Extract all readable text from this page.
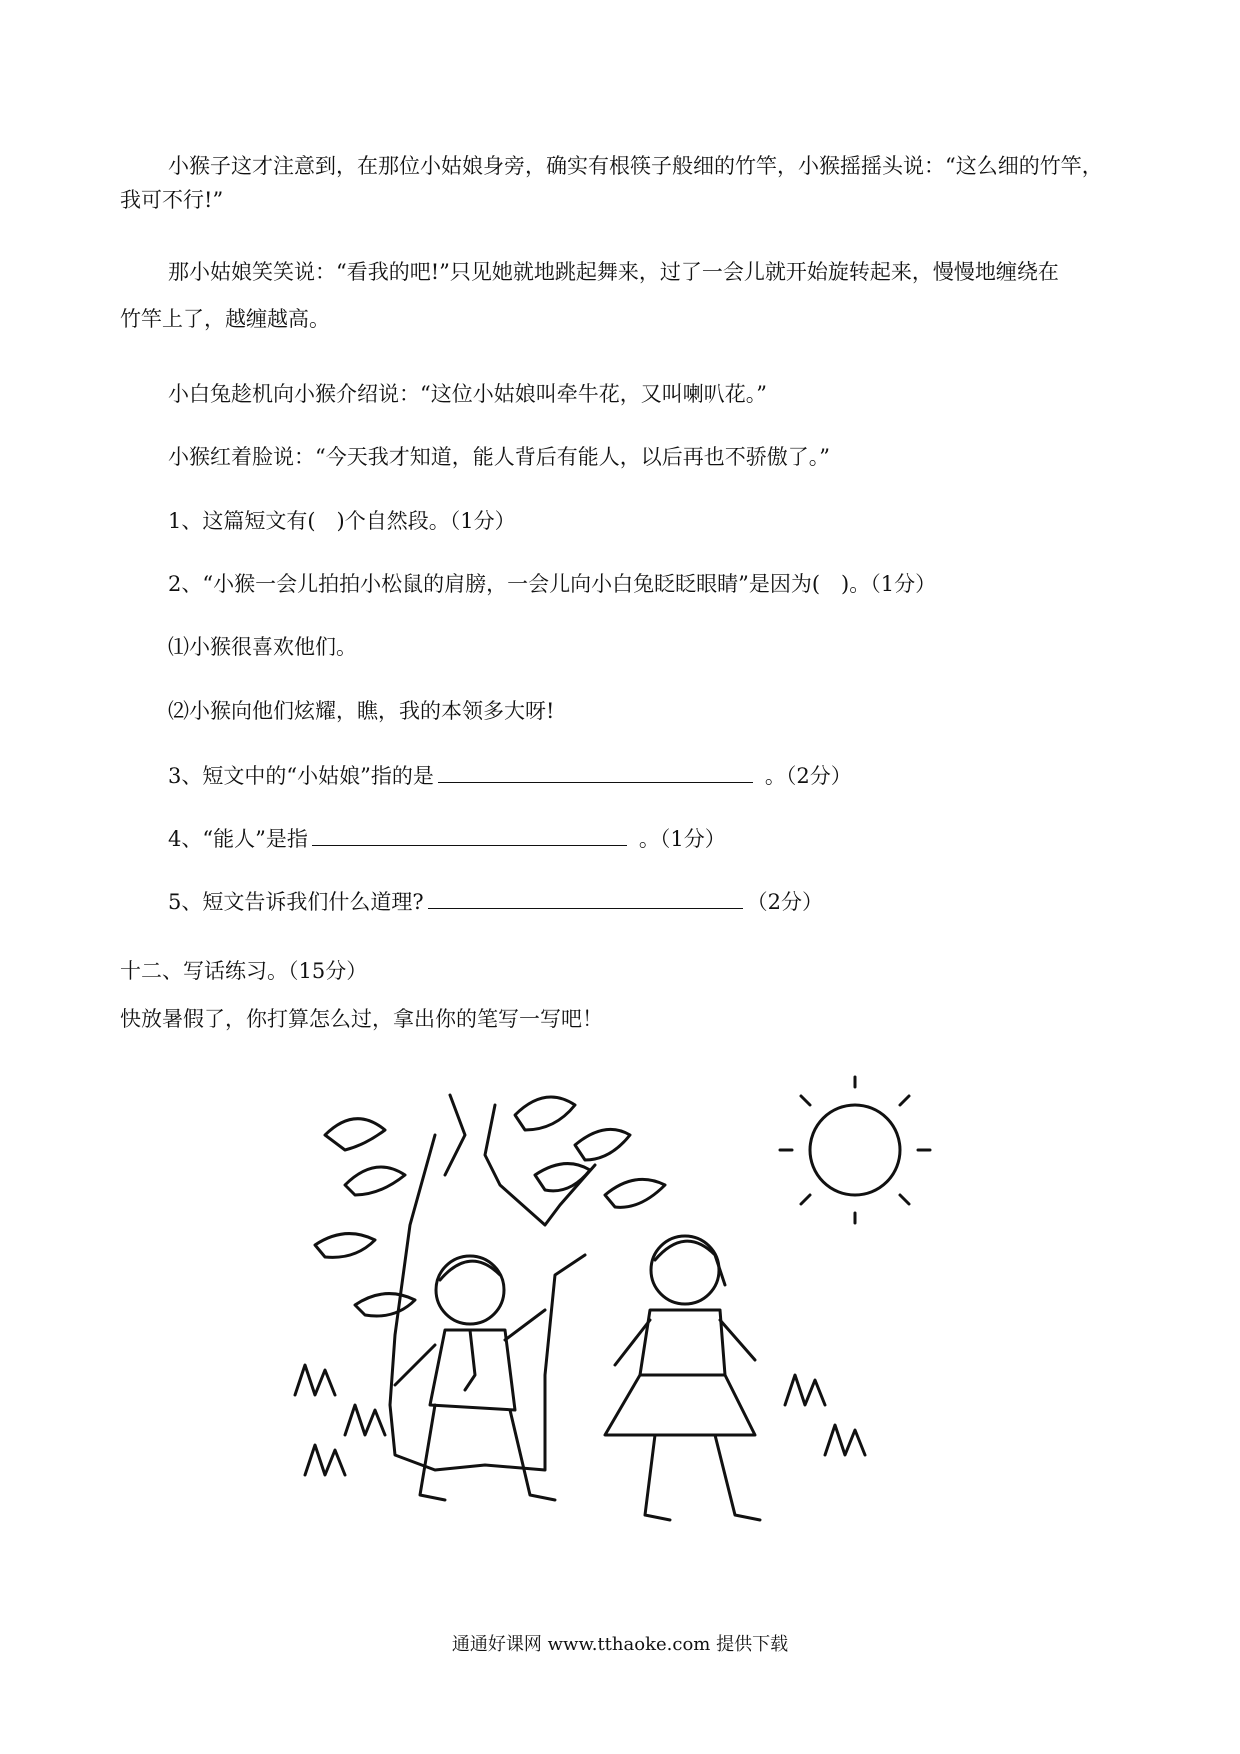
小猴子这才注意到，在那位小姑娘身旁，确实有根筷子般细的竹竿，小猴摇摇头说：“这么细的竹竿，
我可不行!”
那小姑娘笑笑说：“看我的吧!”只见她就地跳起舞来，过了一会儿就开始旋转起来，慢慢地缠绕在
竹竿上了，越缠越高。
小白兔趁机向小猴介绍说：“这位小姑娘叫牵牛花，又叫喇叭花。”
小猴红着脸说：“今天我才知道，能人背后有能人，以后再也不骄傲了。”
1、这篇短文有(　)个自然段。（1分）
2、“小猴一会儿拍拍小松鼠的肩膀，一会儿向小白兔眨眨眼睛”是因为(　)。（1分）
⑴小猴很喜欢他们。
⑵小猴向他们炫耀，瞧，我的本领多大呀!
3、短文中的“小姑娘”指的是	。（2分）
4、“能人”是指	。（1分）
5、短文告诉我们什么道理?	（2分）
十二、写话练习。（15分）
快放暑假了，你打算怎么过，拿出你的笔写一写吧！
通通好课网 www.tthaoke.com 提供下载
